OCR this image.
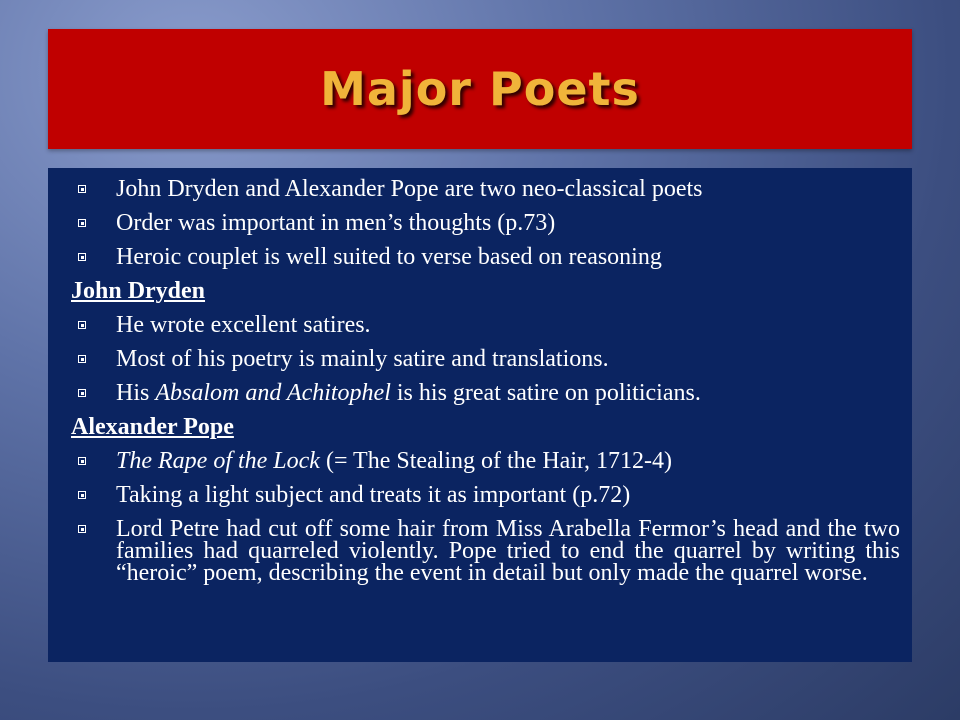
Major Poets
John Dryden and Alexander Pope are two neo-classical poets
Order was important in men’s thoughts (p.73)
Heroic couplet is well suited to verse based on reasoning
John Dryden
He wrote excellent satires.
Most of his poetry is mainly satire and translations.
His Absalom and Achitophel is his great satire on politicians.
Alexander Pope
The Rape of the Lock (= The Stealing of the Hair, 1712-4)
Taking a light subject and treats it as important (p.72)
Lord Petre had cut off some hair from Miss Arabella Fermor’s head and the two families had quarreled violently. Pope tried to end the quarrel by writing this “heroic” poem, describing the event in detail but only made the quarrel worse.
